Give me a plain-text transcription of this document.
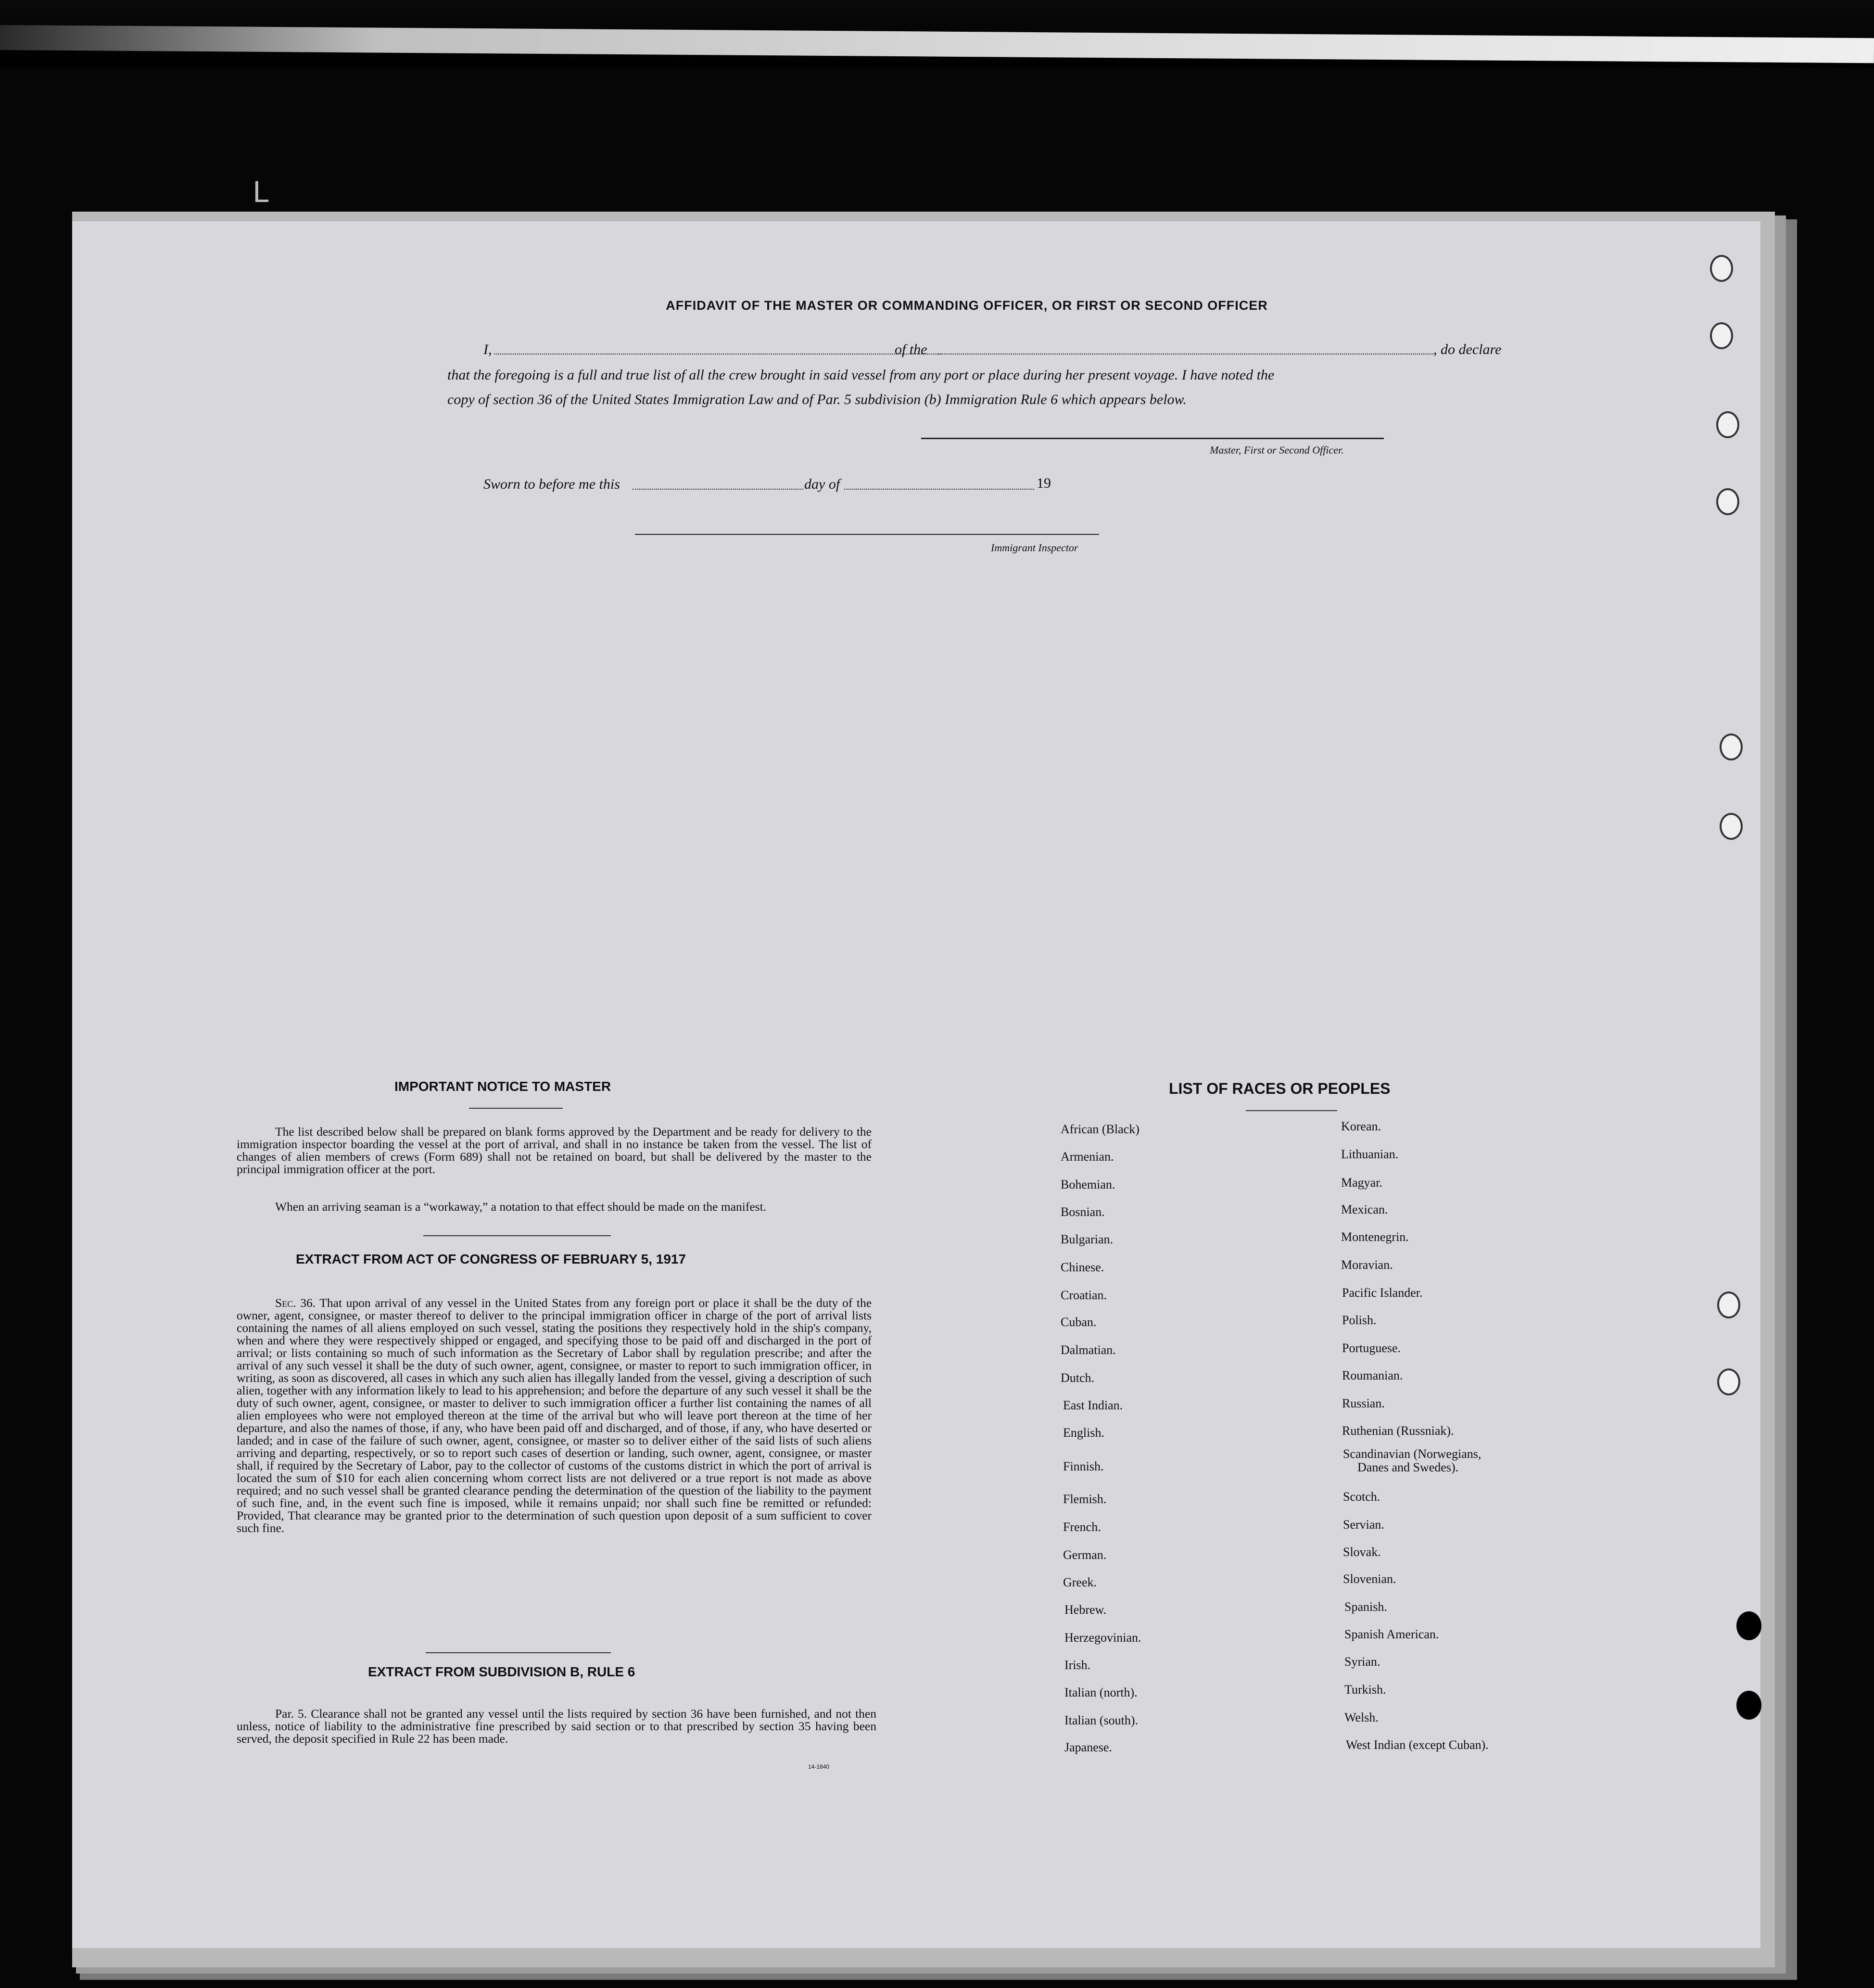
ᒪ
AFFIDAVIT OF THE MASTER OR COMMANDING OFFICER, OR FIRST OR SECOND OFFICER
I,	of the	, do declare
that the foregoing is a full and true list of all the crew brought in said vessel from any port or place during her present voyage. I have noted the
copy of section 36 of the United States Immigration Law and of Par. 5 subdivision (b) Immigration Rule 6 which appears below.
Master, First or Second Officer.
Sworn to before me this	day of	19
Immigrant Inspector
IMPORTANT NOTICE TO MASTER
The list described below shall be prepared on blank forms approved by the Department and be ready for delivery to the immigration inspector boarding the vessel at the port of arrival, and shall in no instance be taken from the vessel. The list of changes of alien members of crews (Form 689) shall not be retained on board, but shall be delivered by the master to the principal immigration officer at the port.
When an arriving seaman is a “workaway,” a notation to that effect should be made on the manifest.
EXTRACT FROM ACT OF CONGRESS OF FEBRUARY 5, 1917
Sec. 36. That upon arrival of any vessel in the United States from any foreign port or place it shall be the duty of the owner, agent, consignee, or master thereof to deliver to the principal immigration officer in charge of the port of arrival lists containing the names of all aliens employed on such vessel, stating the positions they respectively hold in the ship's company, when and where they were respectively shipped or engaged, and specifying those to be paid off and discharged in the port of arrival; or lists containing so much of such information as the Secretary of Labor shall by regulation prescribe; and after the arrival of any such vessel it shall be the duty of such owner, agent, consignee, or master to report to such immigration officer, in writing, as soon as discovered, all cases in which any such alien has illegally landed from the vessel, giving a description of such alien, together with any information likely to lead to his apprehension; and before the departure of any such vessel it shall be the duty of such owner, agent, consignee, or master to deliver to such immigration officer a further list containing the names of all alien employees who were not employed thereon at the time of the arrival but who will leave port thereon at the time of her departure, and also the names of those, if any, who have been paid off and discharged, and of those, if any, who have deserted or landed; and in case of the failure of such owner, agent, consignee, or master so to deliver either of the said lists of such aliens arriving and departing, respectively, or so to report such cases of desertion or landing, such owner, agent, consignee, or master shall, if required by the Secretary of Labor, pay to the collector of customs of the customs district in which the port of arrival is located the sum of $10 for each alien concerning whom correct lists are not delivered or a true report is not made as above required; and no such vessel shall be granted clearance pending the determination of the question of the liability to the payment of such fine, and, in the event such fine is imposed, while it remains unpaid; nor shall such fine be remitted or refunded: Provided, That clearance may be granted prior to the determination of such question upon deposit of a sum sufficient to cover such fine.
EXTRACT FROM SUBDIVISION B, RULE 6
Par. 5. Clearance shall not be granted any vessel until the lists required by section 36 have been furnished, and not then unless, notice of liability to the administrative fine prescribed by said section or to that prescribed by section 35 having been served, the deposit specified in Rule 22 has been made.
14-1840
LIST OF RACES OR PEOPLES
African (Black)
Armenian.
Bohemian.
Bosnian.
Bulgarian.
Chinese.
Croatian.
Cuban.
Dalmatian.
Dutch.
East Indian.
English.
Finnish.
Flemish.
French.
German.
Greek.
Hebrew.
Herzegovinian.
Irish.
Italian (north).
Italian (south).
Japanese.
Korean.
Lithuanian.
Magyar.
Mexican.
Montenegrin.
Moravian.
Pacific Islander.
Polish.
Portuguese.
Roumanian.
Russian.
Ruthenian (Russniak).
Scandinavian (Norwegians,
Danes and Swedes).
Scotch.
Servian.
Slovak.
Slovenian.
Spanish.
Spanish American.
Syrian.
Turkish.
Welsh.
West Indian (except Cuban).
